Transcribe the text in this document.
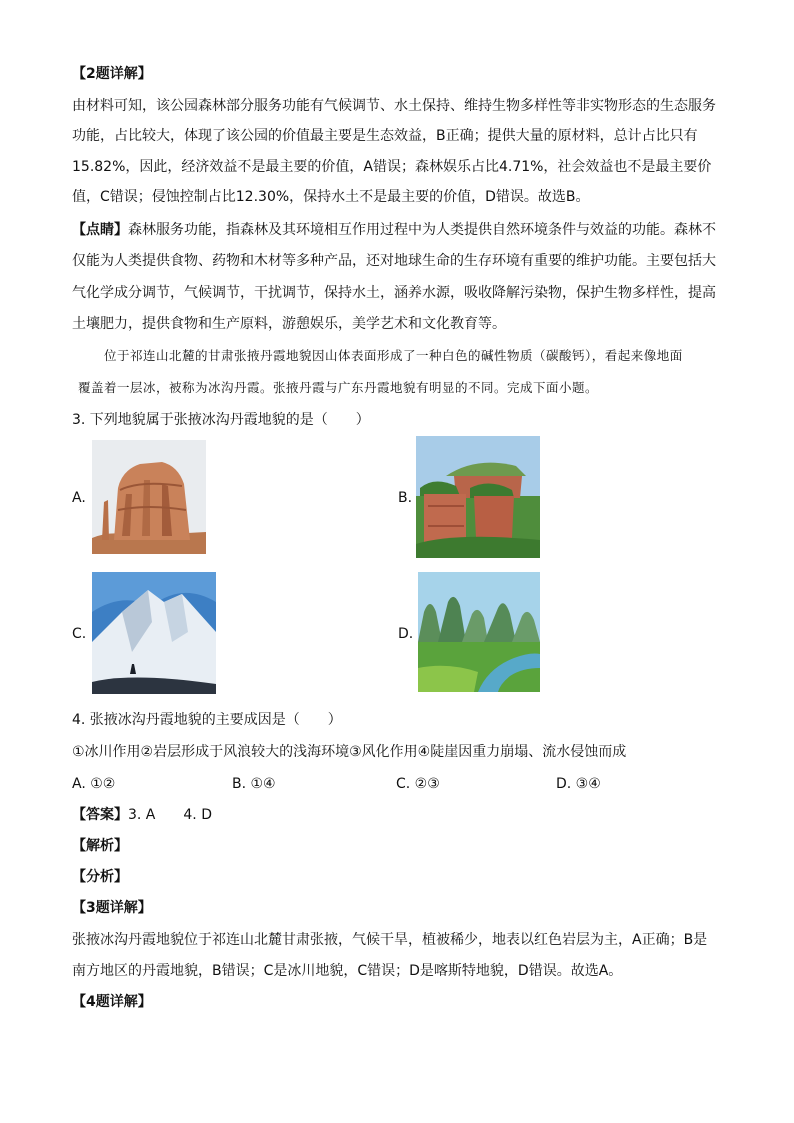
【2题详解】
由材料可知，该公园森林部分服务功能有气候调节、水土保持、维持生物多样性等非实物形态的生态服务
功能，占比较大，体现了该公园的价值最主要是生态效益，B正确；提供大量的原材料，总计占比只有
15.82%，因此，经济效益不是最主要的价值，A错误；森林娱乐占比4.71%，社会效益也不是最主要价
值，C错误；侵蚀控制占比12.30%，保持水土不是最主要的价值，D错误。故选B。
【点睛】森林服务功能，指森林及其环境相互作用过程中为人类提供自然环境条件与效益的功能。森林不
仅能为人类提供食物、药物和木材等多种产品，还对地球生命的生存环境有重要的维护功能。主要包括大
气化学成分调节，气候调节，干扰调节，保持水土，涵养水源，吸收降解污染物，保护生物多样性，提高
土壤肥力，提供食物和生产原料，游憩娱乐，美学艺术和文化教育等。
位于祁连山北麓的甘肃张掖丹霞地貌因山体表面形成了一种白色的碱性物质（碳酸钙），看起来像地面
覆盖着一层冰，被称为冰沟丹霞。张掖丹霞与广东丹霞地貌有明显的不同。完成下面小题。
3. 下列地貌属于张掖冰沟丹霞地貌的是（　　）
A.	B.
C.	D.
4. 张掖冰沟丹霞地貌的主要成因是（　　）
①冰川作用②岩层形成于风浪较大的浅海环境③风化作用④陡崖因重力崩塌、流水侵蚀而成
A. ①②	B. ①④	C. ②③	D. ③④
【答案】3. A　　4. D
【解析】
【分析】
【3题详解】
张掖冰沟丹霞地貌位于祁连山北麓甘肃张掖，气候干旱，植被稀少，地表以红色岩层为主，A正确；B是
南方地区的丹霞地貌，B错误；C是冰川地貌，C错误；D是喀斯特地貌，D错误。故选A。
【4题详解】
